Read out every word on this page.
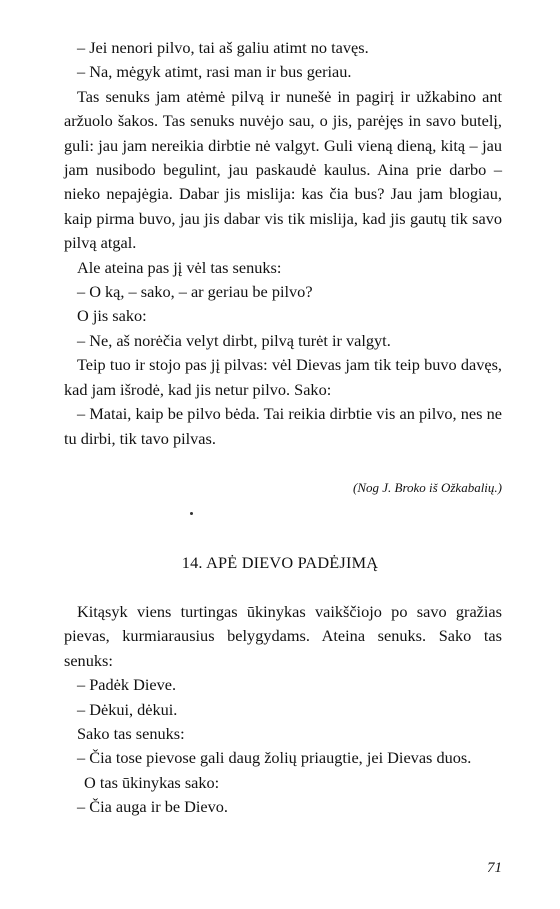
– Jei nenori pilvo, tai aš galiu atimt no tavęs.

– Na, mėgyk atimt, rasi man ir bus geriau.

Tas senuks jam atėmė pilvą ir nunešė in pagirį ir užkabino ant aržuolo šakos. Tas senuks nuvėjo sau, o jis, parėjęs in savo butelį, guli: jau jam nereikia dirbtie nė valgyt. Guli vieną dieną, kitą – jau jam nusibodo begulint, jau paskaudė kaulus. Aina prie darbo – nieko nepajėgia. Dabar jis mislija: kas čia bus? Jau jam blogiau, kaip pirma buvo, jau jis dabar vis tik mislija, kad jis gautų tik savo pilvą atgal.

Ale ateina pas jį vėl tas senuks:

– O ką, – sako, – ar geriau be pilvo?

O jis sako:

– Ne, aš norėčia velyt dirbt, pilvą turėt ir valgyt.

Teip tuo ir stojo pas jį pilvas: vėl Dievas jam tik teip buvo davęs, kad jam išrodė, kad jis netur pilvo. Sako:

– Matai, kaip be pilvo bėda. Tai reikia dirbtie vis an pilvo, nes ne tu dirbi, tik tavo pilvas.

(Nog J. Broko iš Ožkabalių.)
14. APĖ DIEVO PADĖJIMĄ

Kitąsyk viens turtingas ūkinykas vaikščiojo po savo gražias pievas, kurmiarausius belygydams. Ateina senuks. Sako tas senuks:

– Padėk Dieve.

– Dėkui, dėkui.

Sako tas senuks:

– Čia tose pievose gali daug žolių priaugtie, jei Dievas duos.

O tas ūkinykas sako:

– Čia auga ir be Dievo.

71
